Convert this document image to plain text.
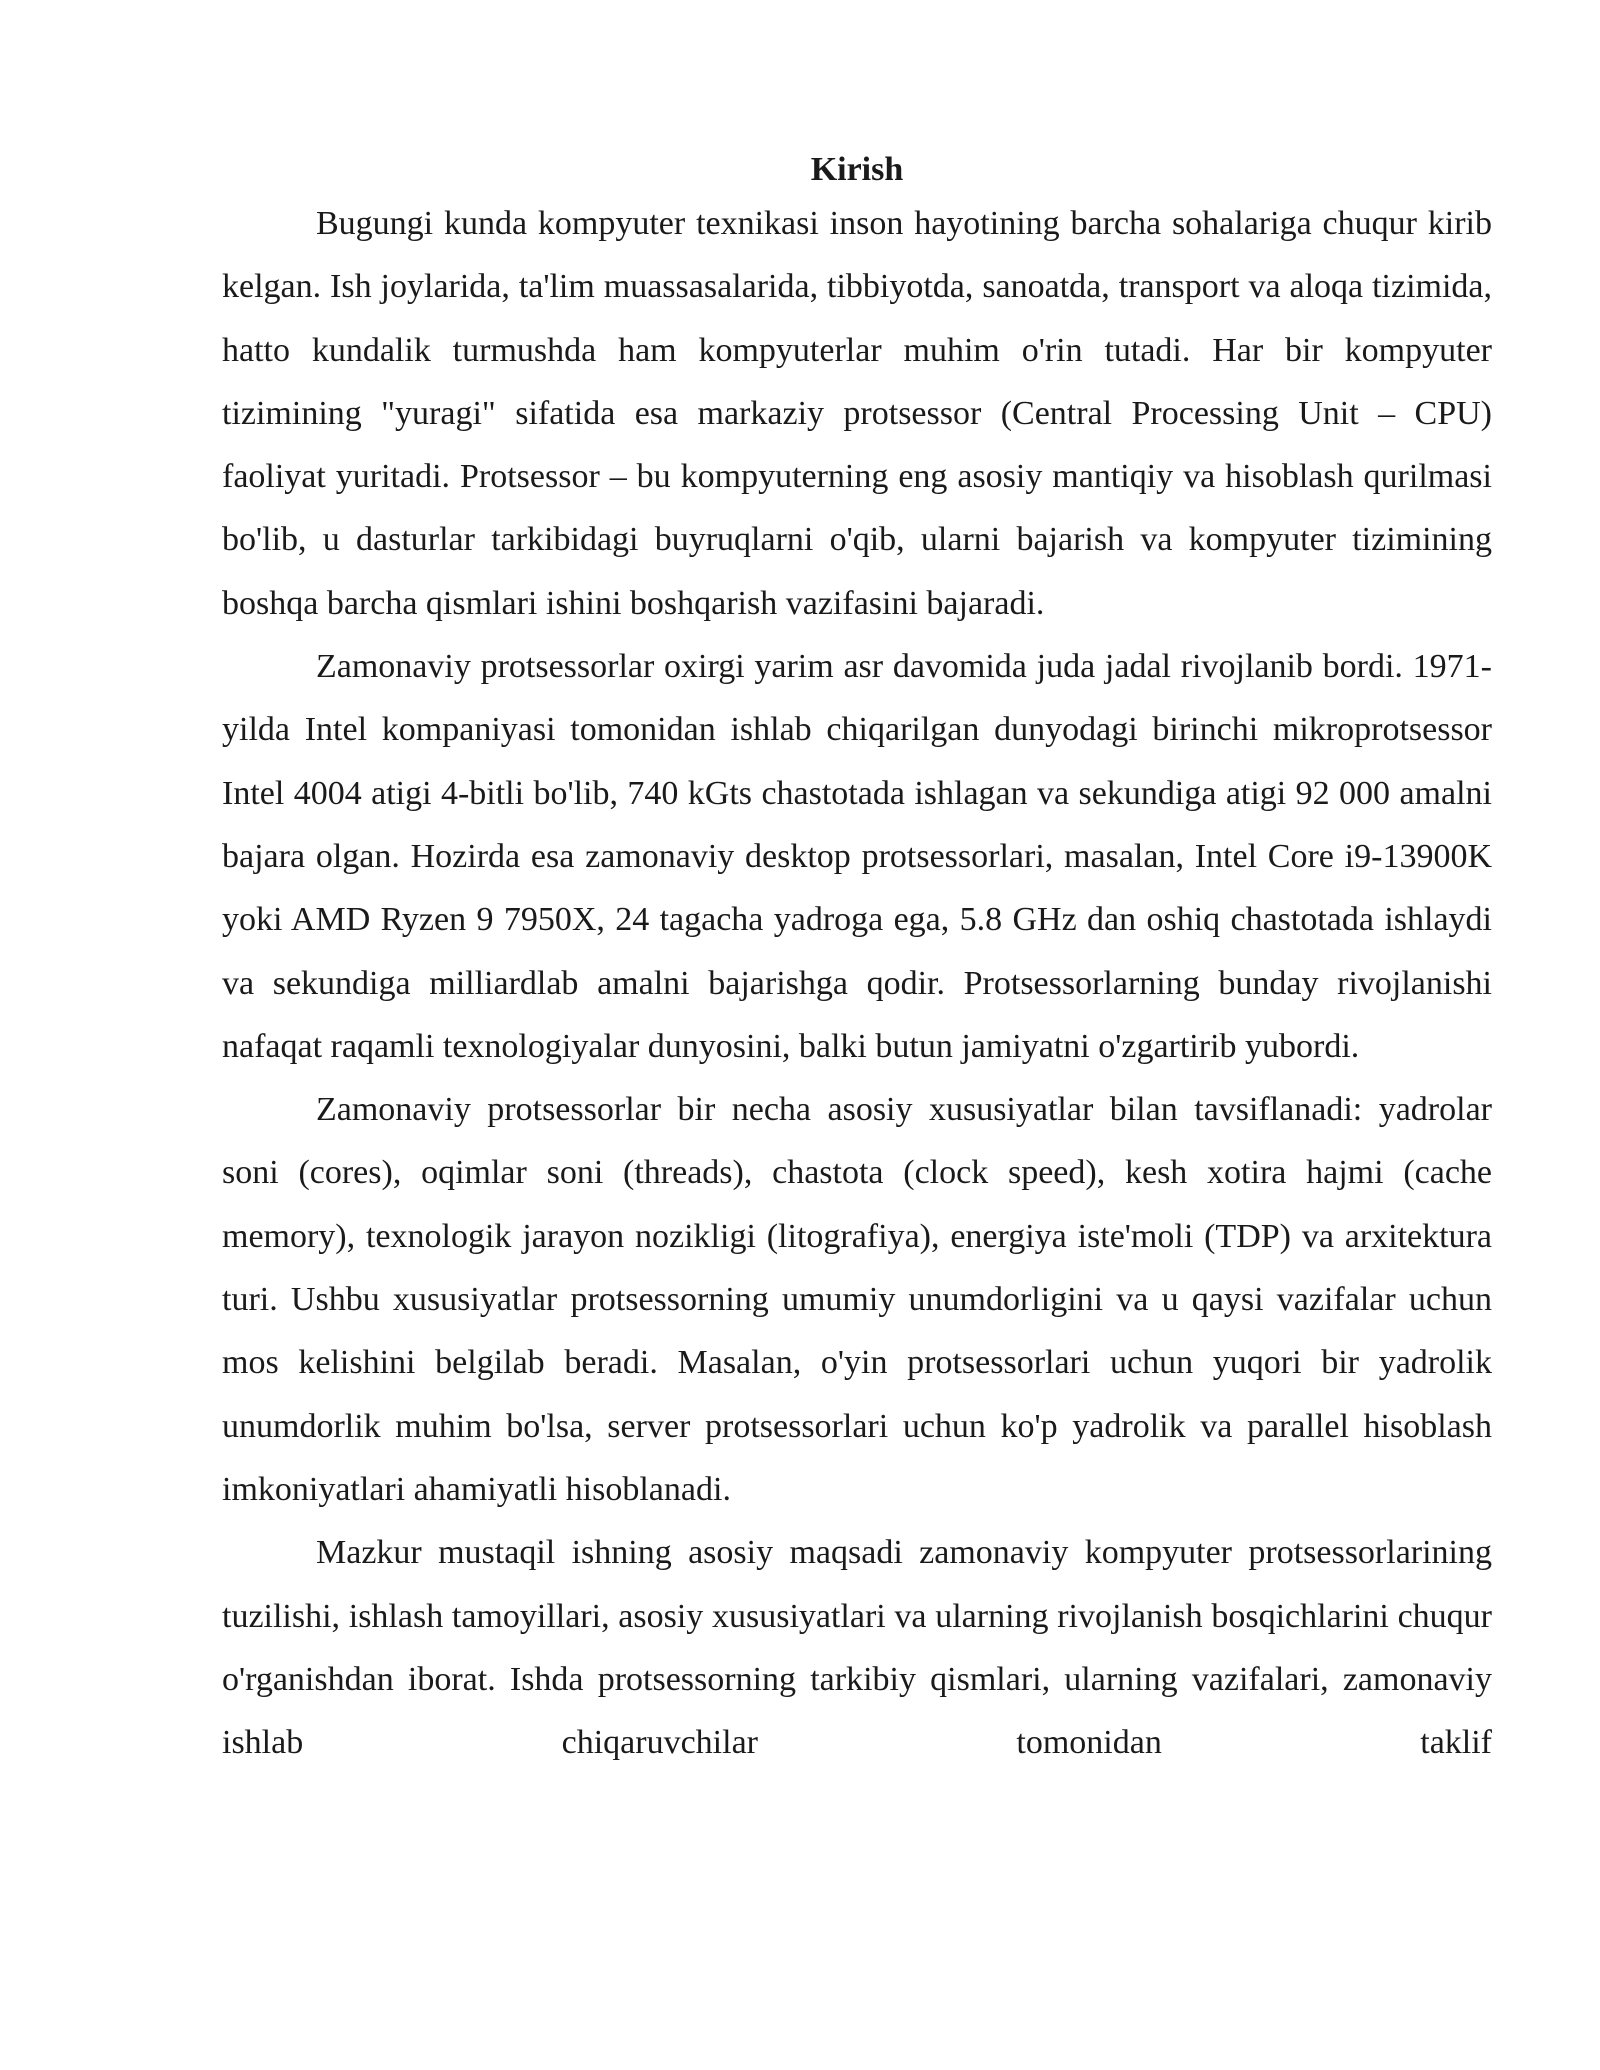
Kirish

Bugungi kunda kompyuter texnikasi inson hayotining barcha sohalariga chuqur kirib kelgan. Ish joylarida, ta'lim muassasalarida, tibbiyotda, sanoatda, transport va aloqa tizimida, hatto kundalik turmushda ham kompyuterlar muhim o'rin tutadi. Har bir kompyuter tizimining "yuragi" sifatida esa markaziy protsessor (Central Processing Unit – CPU) faoliyat yuritadi. Protsessor – bu kompyuterning eng asosiy mantiqiy va hisoblash qurilmasi bo'lib, u dasturlar tarkibidagi buyruqlarni o'qib, ularni bajarish va kompyuter tizimining boshqa barcha qismlari ishini boshqarish vazifasini bajaradi.

Zamonaviy protsessorlar oxirgi yarim asr davomida juda jadal rivojlanib bordi. 1971-yilda Intel kompaniyasi tomonidan ishlab chiqarilgan dunyodagi birinchi mikroprotsessor Intel 4004 atigi 4-bitli bo'lib, 740 kGts chastotada ishlagan va sekundiga atigi 92 000 amalni bajara olgan. Hozirda esa zamonaviy desktop protsessorlari, masalan, Intel Core i9-13900K yoki AMD Ryzen 9 7950X, 24 tagacha yadroga ega, 5.8 GHz dan oshiq chastotada ishlaydi va sekundiga milliardlab amalni bajarishga qodir. Protsessorlarning bunday rivojlanishi nafaqat raqamli texnologiyalar dunyosini, balki butun jamiyatni o'zgartirib yubordi.

Zamonaviy protsessorlar bir necha asosiy xususiyatlar bilan tavsiflanadi: yadrolar soni (cores), oqimlar soni (threads), chastota (clock speed), kesh xotira hajmi (cache memory), texnologik jarayon nozikligi (litografiya), energiya iste'moli (TDP) va arxitektura turi. Ushbu xususiyatlar protsessorning umumiy unumdorligini va u qaysi vazifalar uchun mos kelishini belgilab beradi. Masalan, o'yin protsessorlari uchun yuqori bir yadrolik unumdorlik muhim bo'lsa, server protsessorlari uchun ko'p yadrolik va parallel hisoblash imkoniyatlari ahamiyatli hisoblanadi.

Mazkur mustaqil ishning asosiy maqsadi zamonaviy kompyuter protsessorlarining tuzilishi, ishlash tamoyillari, asosiy xususiyatlari va ularning rivojlanish bosqichlarini chuqur o'rganishdan iborat. Ishda protsessorning tarkibiy qismlari, ularning vazifalari, zamonaviy ishlab chiqaruvchilar tomonidan taklif
